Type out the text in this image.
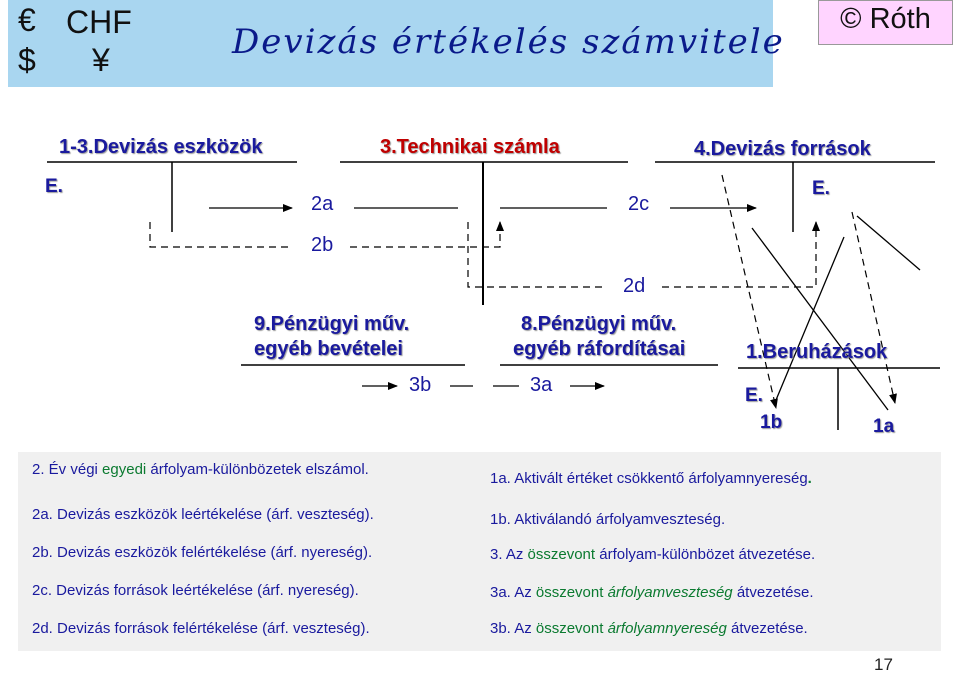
€ CHF
$ ¥	Devizás értékelés számvitele
© Róth
1-3.Devizás eszközök	3.Technikai számla	4.Devizás források
E.	E.
2a	2c
2b
2d
9.Pénzügyi műv.
egyéb bevételei
8.Pénzügyi műv.
egyéb ráfordításai	1.Beruházások
3b	3a	E.
1b	1a
2. Év végi egyedi árfolyam-különbözetek elszámol.
2a. Devizás eszközök leértékelése (árf. veszteség).
2b. Devizás eszközök felértékelése (árf. nyereség).
2c. Devizás források leértékelése (árf. nyereség).
2d. Devizás források felértékelése (árf. veszteség).
1a. Aktivált értéket csökkentő árfolyamnyereség.
1b. Aktiválandó árfolyamveszteség.
3. Az összevont árfolyam-különbözet átvezetése.
3a. Az összevont árfolyamveszteség átvezetése.
3b. Az összevont árfolyamnyereség átvezetése.
17
